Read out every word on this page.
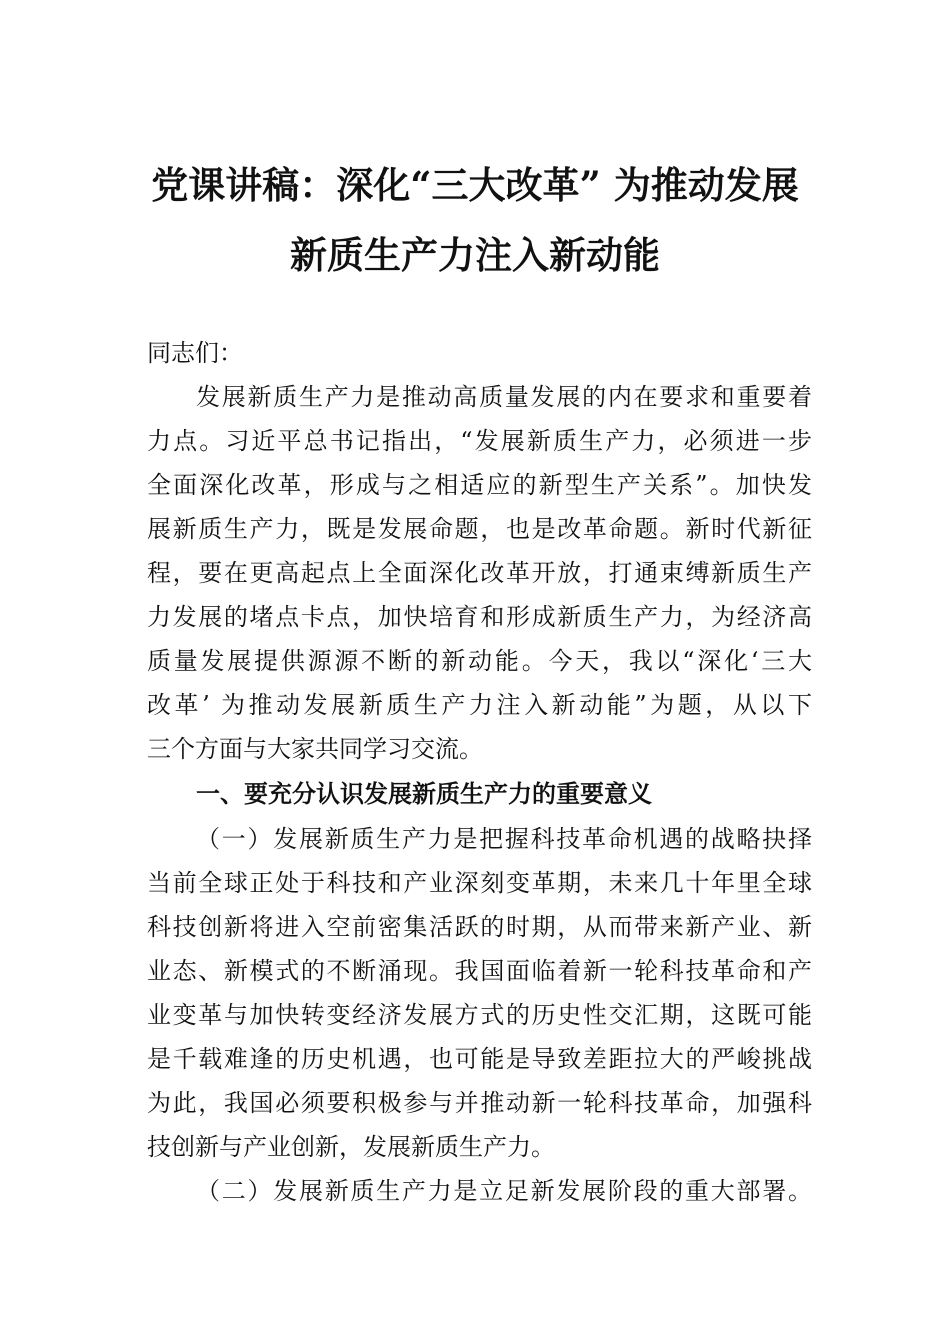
党课讲稿：深化“三大改革” 为推动发展
新质生产力注入新动能
同志们：
发展新质生产力是推动高质量发展的内在要求和重要着
力点。习近平总书记指出，“发展新质生产力，必须进一步
全面深化改革，形成与之相适应的新型生产关系”。加快发
展新质生产力，既是发展命题，也是改革命题。新时代新征
程，要在更高起点上全面深化改革开放，打通束缚新质生产
力发展的堵点卡点，加快培育和形成新质生产力，为经济高
质量发展提供源源不断的新动能。今天，我以“深化‘三大
改革’ 为推动发展新质生产力注入新动能”为题，从以下
三个方面与大家共同学习交流。
一、要充分认识发展新质生产力的重要意义
（一）发展新质生产力是把握科技革命机遇的战略抉择
当前全球正处于科技和产业深刻变革期，未来几十年里全球
科技创新将进入空前密集活跃的时期，从而带来新产业、新
业态、新模式的不断涌现。我国面临着新一轮科技革命和产
业变革与加快转变经济发展方式的历史性交汇期，这既可能
是千载难逢的历史机遇，也可能是导致差距拉大的严峻挑战
为此，我国必须要积极参与并推动新一轮科技革命，加强科
技创新与产业创新，发展新质生产力。
（二）发展新质生产力是立足新发展阶段的重大部署。
